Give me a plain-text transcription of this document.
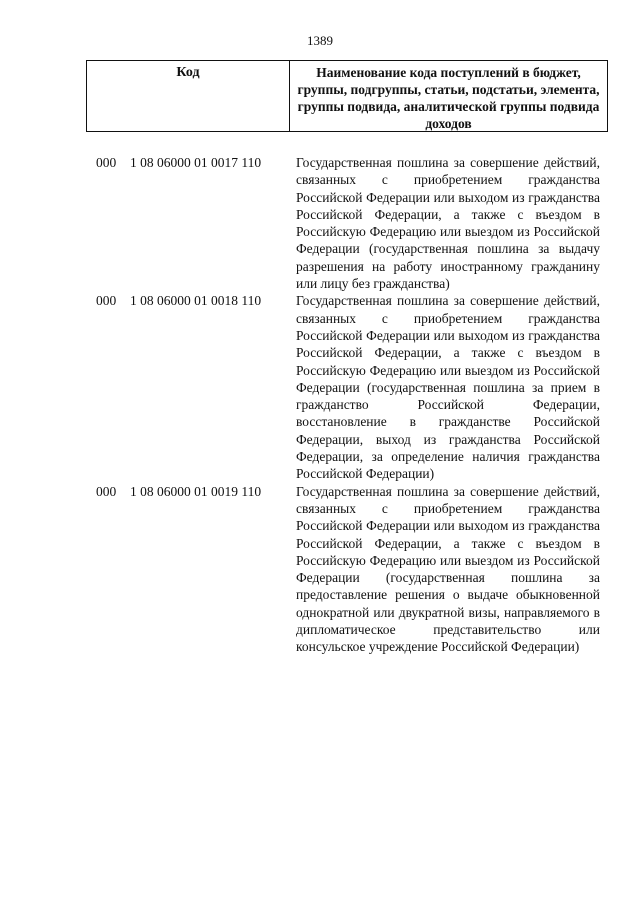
1389
Код	Наименование кода поступлений в бюджет, группы, подгруппы, статьи, подстатьи, элемента, группы подвида, аналитической группы подвида доходов
000	1 08 06000 01 0017 110	Государственная пошлина за совершение действий, связанных с приобретением гражданства Российской Федерации или выходом из гражданства Российской Федерации, а также с въездом в Российскую Федерацию или выездом из Российской Федерации (государственная пошлина за выдачу разрешения на работу иностранному гражданину или лицу без гражданства)
000	1 08 06000 01 0018 110	Государственная пошлина за совершение действий, связанных с приобретением гражданства Российской Федерации или выходом из гражданства Российской Федерации, а также с въездом в Российскую Федерацию или выездом из Российской Федерации (государственная пошлина за прием в гражданство Российской Федерации, восстановление в гражданстве Российской Федерации, выход из гражданства Российской Федерации, за определение наличия гражданства Российской Федерации)
000	1 08 06000 01 0019 110	Государственная пошлина за совершение действий, связанных с приобретением гражданства Российской Федерации или выходом из гражданства Российской Федерации, а также с въездом в Российскую Федерацию или выездом из Российской Федерации (государственная пошлина за предоставление решения о выдаче обыкновенной однократной или двукратной визы, направляемого в дипломатическое представительство или консульское учреждение Российской Федерации)
